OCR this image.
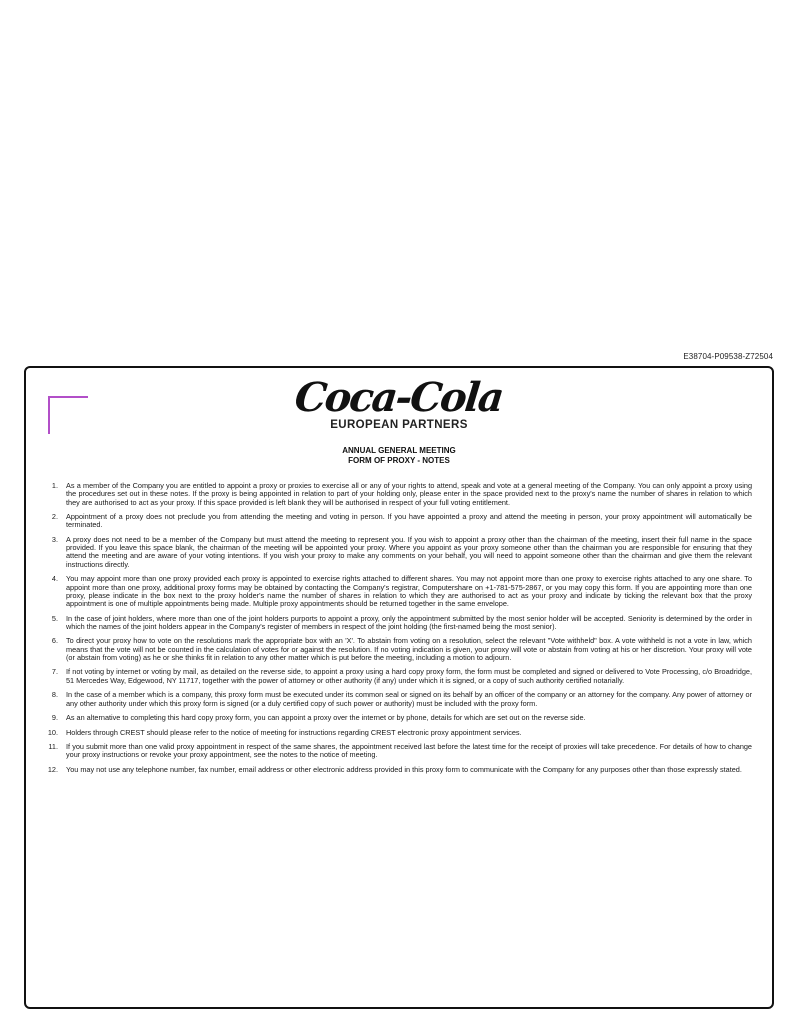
E38704-P09538-Z72504
Coca-Cola
EUROPEAN PARTNERS
ANNUAL GENERAL MEETING
FORM OF PROXY - NOTES
1. As a member of the Company you are entitled to appoint a proxy or proxies to exercise all or any of your rights to attend, speak and vote at a general meeting of the Company. You can only appoint a proxy using the procedures set out in these notes. If the proxy is being appointed in relation to part of your holding only, please enter in the space provided next to the proxy's name the number of shares in relation to which they are authorised to act as your proxy. If this space provided is left blank they will be authorised in respect of your full voting entitlement.
2. Appointment of a proxy does not preclude you from attending the meeting and voting in person. If you have appointed a proxy and attend the meeting in person, your proxy appointment will automatically be terminated.
3. A proxy does not need to be a member of the Company but must attend the meeting to represent you. If you wish to appoint a proxy other than the chairman of the meeting, insert their full name in the space provided. If you leave this space blank, the chairman of the meeting will be appointed your proxy. Where you appoint as your proxy someone other than the chairman you are responsible for ensuring that they attend the meeting and are aware of your voting intentions. If you wish your proxy to make any comments on your behalf, you will need to appoint someone other than the chairman and give them the relevant instructions directly.
4. You may appoint more than one proxy provided each proxy is appointed to exercise rights attached to different shares. You may not appoint more than one proxy to exercise rights attached to any one share. To appoint more than one proxy, additional proxy forms may be obtained by contacting the Company's registrar, Computershare on +1-781-575-2867, or you may copy this form. If you are appointing more than one proxy, please indicate in the box next to the proxy holder's name the number of shares in relation to which they are authorised to act as your proxy and indicate by ticking the relevant box that the proxy appointment is one of multiple appointments being made. Multiple proxy appointments should be returned together in the same envelope.
5. In the case of joint holders, where more than one of the joint holders purports to appoint a proxy, only the appointment submitted by the most senior holder will be accepted. Seniority is determined by the order in which the names of the joint holders appear in the Company's register of members in respect of the joint holding (the first-named being the most senior).
6. To direct your proxy how to vote on the resolutions mark the appropriate box with an 'X'. To abstain from voting on a resolution, select the relevant "Vote withheld" box. A vote withheld is not a vote in law, which means that the vote will not be counted in the calculation of votes for or against the resolution. If no voting indication is given, your proxy will vote or abstain from voting at his or her discretion. Your proxy will vote (or abstain from voting) as he or she thinks fit in relation to any other matter which is put before the meeting, including a motion to adjourn.
7. If not voting by internet or voting by mail, as detailed on the reverse side, to appoint a proxy using a hard copy proxy form, the form must be completed and signed or delivered to Vote Processing, c/o Broadridge, 51 Mercedes Way, Edgewood, NY 11717, together with the power of attorney or other authority (if any) under which it is signed, or a copy of such authority certified notarially.
8. In the case of a member which is a company, this proxy form must be executed under its common seal or signed on its behalf by an officer of the company or an attorney for the company. Any power of attorney or any other authority under which this proxy form is signed (or a duly certified copy of such power or authority) must be included with the proxy form.
9. As an alternative to completing this hard copy proxy form, you can appoint a proxy over the internet or by phone, details for which are set out on the reverse side.
10. Holders through CREST should please refer to the notice of meeting for instructions regarding CREST electronic proxy appointment services.
11. If you submit more than one valid proxy appointment in respect of the same shares, the appointment received last before the latest time for the receipt of proxies will take precedence. For details of how to change your proxy instructions or revoke your proxy appointment, see the notes to the notice of meeting.
12. You may not use any telephone number, fax number, email address or other electronic address provided in this proxy form to communicate with the Company for any purposes other than those expressly stated.
